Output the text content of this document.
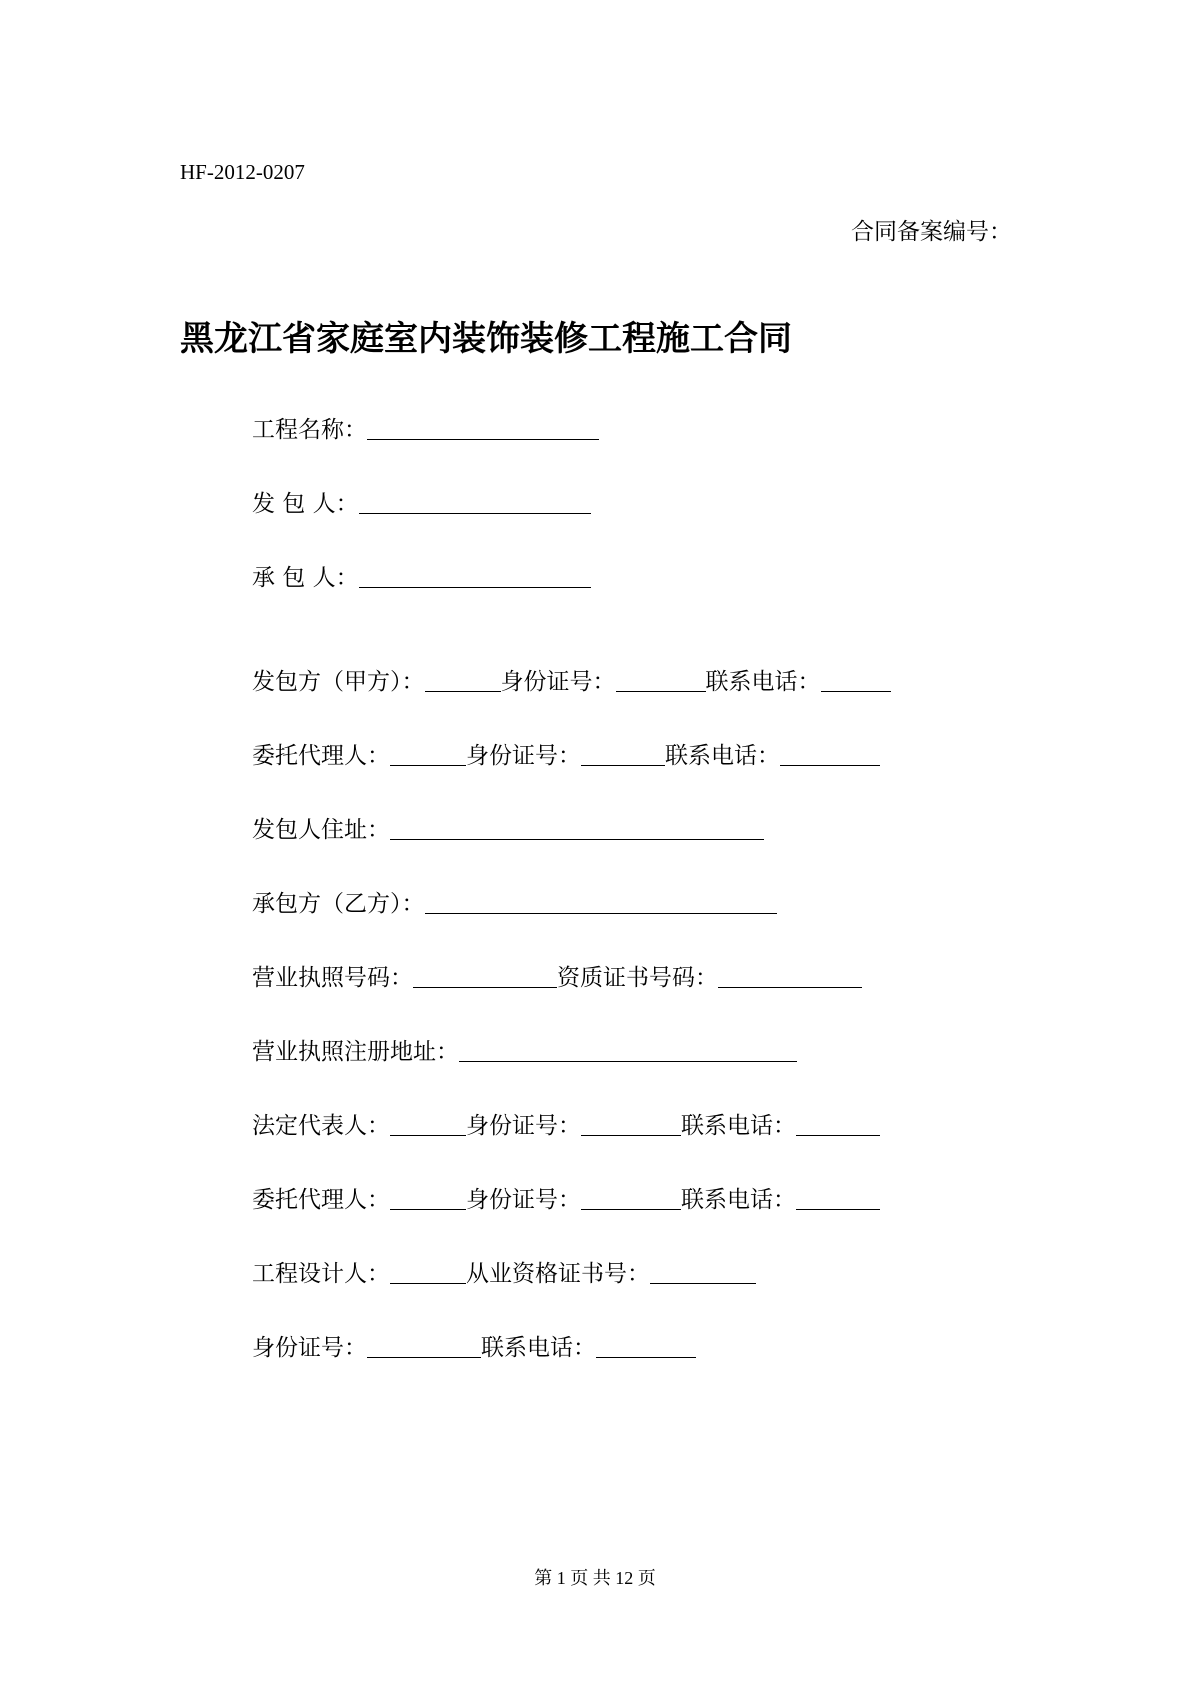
HF-2012-0207
合同备案编号：
黑龙江省家庭室内装饰装修工程施工合同
工程名称：
发 包 人：
承 包 人：
发包方（甲方）：	身份证号：	联系电话：
委托代理人：	身份证号：	联系电话：
发包人住址：
承包方（乙方）：
营业执照号码：	资质证书号码：
营业执照注册地址：
法定代表人：	身份证号：	联系电话：
委托代理人：	身份证号：	联系电话：
工程设计人：	从业资格证书号：
身份证号：	联系电话：
第 1 页 共 12 页
